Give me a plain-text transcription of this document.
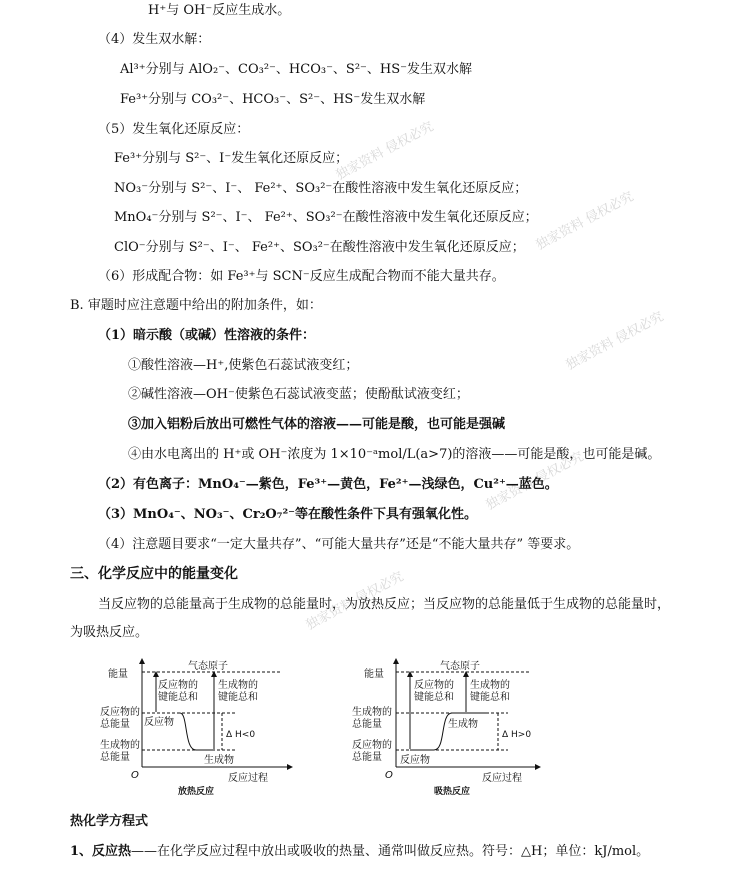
独家资料 侵权必究
独家资料 侵权必究
独家资料 侵权必究
独家资料 侵权必究
独家资料 侵权必究
H⁺与 OH⁻反应生成水。
（4）发生双水解：
Al³⁺分别与 AlO₂⁻、CO₃²⁻、HCO₃⁻、S²⁻、HS⁻发生双水解
Fe³⁺分别与 CO₃²⁻、HCO₃⁻、S²⁻、HS⁻发生双水解
（5）发生氧化还原反应：
Fe³⁺分别与 S²⁻、I⁻发生氧化还原反应；
NO₃⁻分别与 S²⁻、I⁻、 Fe²⁺、SO₃²⁻在酸性溶液中发生氧化还原反应；
MnO₄⁻分别与 S²⁻、I⁻、 Fe²⁺、SO₃²⁻在酸性溶液中发生氧化还原反应；
ClO⁻分别与 S²⁻、I⁻、 Fe²⁺、SO₃²⁻在酸性溶液中发生氧化还原反应；
（6）形成配合物：如 Fe³⁺与 SCN⁻反应生成配合物而不能大量共存。
B. 审题时应注意题中给出的附加条件，如：
（1）暗示酸（或碱）性溶液的条件：
①酸性溶液—H⁺,使紫色石蕊试液变红；
②碱性溶液—OH⁻使紫色石蕊试液变蓝；使酚酞试液变红；
③加入铝粉后放出可燃性气体的溶液——可能是酸，也可能是强碱
④由水电离出的 H⁺或 OH⁻浓度为 1×10⁻ᵃmol/L(a>7)的溶液——可能是酸，也可能是碱。
（2）有色离子：MnO₄⁻—紫色，Fe³⁺—黄色，Fe²⁺—浅绿色，Cu²⁺—蓝色。
（3）MnO₄⁻、NO₃⁻、Cr₂O₇²⁻等在酸性条件下具有强氧化性。
（4）注意题目要求“一定大量共存”、“可能大量共存”还是“不能大量共存” 等要求。
三、化学反应中的能量变化
当反应物的总能量高于生成物的总能量时，为放热反应；当反应物的总能量低于生成物的总能量时，
为吸热反应。
热化学方程式
1、反应热——在化学反应过程中放出或吸收的热量、通常叫做反应热。符号：△H；单位：kJ/mol。
能量
气态原子
反应物的
键能总和
生成物的
键能总和
反应物的
总能量 反应物
Δ H<0
生成物的
总能量	生成物
O	反应过程
放热反应
能量
气态原子
反应物的
键能总和
生成物的
键能总和
生成物的
总能量	生成物
Δ H>0
反应物的
总能量 反应物
O	反应过程
吸热反应
